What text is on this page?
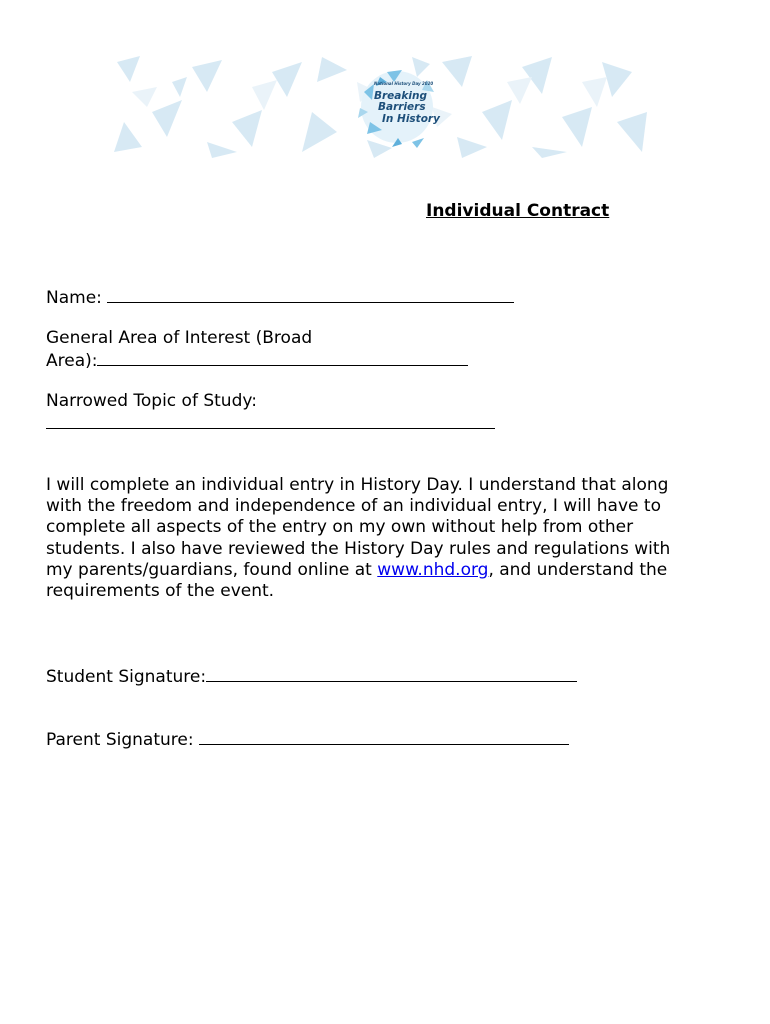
National History Day 2020
Breaking
Barriers
In History
Individual Contract
Name:
General Area of Interest (Broad
Area):
Narrowed Topic of Study:
I will complete an individual entry in History Day. I understand that along
with the freedom and independence of an individual entry, I will have to
complete all aspects of the entry on my own without help from other
students. I also have reviewed the History Day rules and regulations with
my parents/guardians, found online at www.nhd.org, and understand the
requirements of the event.
Student Signature:
Parent Signature:
